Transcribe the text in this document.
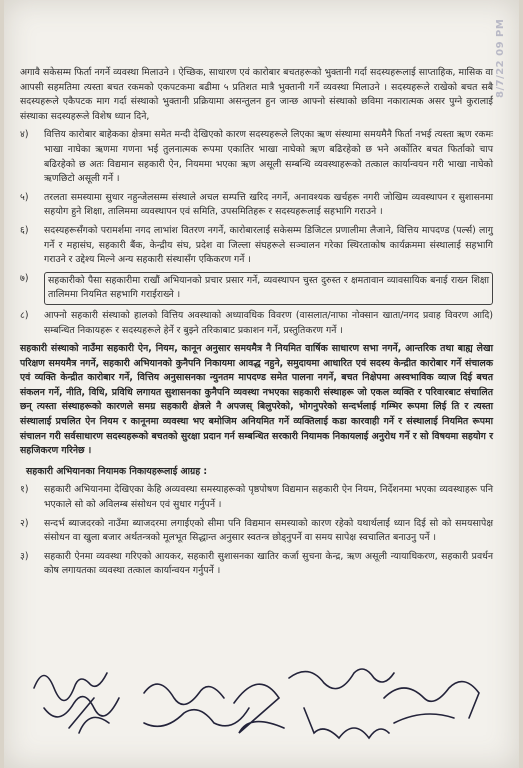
8/7/22 09 PM

अगावै सकेसम्म फिर्ता नगर्ने व्यवस्था मिलाउने । ऐच्छिक, साधारण एवं कारोबार बचतहरूको भुक्तानी गर्दा सदस्यहरूलाई साप्ताहिक, मासिक वा आपसी सहमतिमा त्यस्ता बचत रकमको एकपटकमा बढीमा ५ प्रतिशत मात्रै भुक्तानी गर्ने व्यवस्था मिलाउने । सदस्यहरूले राखेको बचत सबै सदस्यहरूले एकैपटक माग गर्दा संस्थाको भुक्तानी प्रक्रियामा असन्तुलन हुन जान्छ आफ्नो संस्थाको छविमा नकारात्मक असर पुग्ने कुरालाई संस्थाका सदस्यहरूले विशेष ध्यान दिने,

४)	वित्तिय कारोबार बाहेकका क्षेत्रमा समेत मन्दी देखिएको कारण सदस्यहरूले लिएका ऋण संस्थामा समयमैनै फिर्ता नभई त्यस्ता ऋण रकमः भाखा नाघेका ऋणमा गणना भई तुलनात्मक रूपमा एकातिर भाखा नाघेको ऋण बढिरहेको छ भने अर्कोतिर बचत फिर्ताको चाप बढिरहेको छ अतः विद्यमान सहकारी ऐन, नियममा भएका ऋण असूली सम्बन्धि व्यवस्थाहरूको तत्काल कार्यान्वयन गरी भाखा नाघेको ऋणछिटो असूली गर्ने ।
५)	तरलता समस्यामा सुधार नहुन्जेलसम्म संस्थाले अचल सम्पत्ति खरिद नगर्ने, अनावश्यक खर्चहरू नगरी जोखिम व्यवस्थापन र सुशासनमा सहयोग हुने शिक्षा, तालिममा व्यवस्थापन एवं समिति, उपसमितिहरू र सदस्यहरूलाई सहभागि गराउने ।
६)	सदस्यहरूसँगको परामर्शमा नगद लाभांश वितरण नगर्ने, कारोबारलाई सकेसम्म डिजिटल प्रणालीमा लैजाने, वित्तिय मापदण्ड (पर्ल्स) लागु गर्ने र महासंघ, सहकारी बैंक, केन्द्रीय संघ, प्रदेश वा जिल्ला संघहरूले सञ्चालन गरेका स्थिरताकोष कार्यक्रममा संस्थालाई सहभागि गराउने र उद्देश्य मिल्ने अन्य सहकारी संस्थासँग एकिकरण गर्ने ।
७)	सहकारीको पैसा सहकारीमा राखौं अभियानको प्रचार प्रसार गर्ने, व्यवस्थापन चुस्त दुरुस्त र क्षमतावान व्यावसायिक बनाई राख्न शिक्षा तालिममा नियमित सहभागि गराईराख्ने ।
८)	आफ्नो सहकारी संस्थाको हालको वित्तिय अवस्थाको अध्यावधिक विवरण (वासलात/नाफा नोक्सान खाता/नगद प्रवाह विवरण आदि) सम्बन्धित निकायहरू र सदस्यहरूले हेर्ने र बुझ्ने तरिकाबाट प्रकाशन गर्ने, प्रस्तुतिकरण गर्ने ।

सहकारी संस्थाको नाउँमा सहकारी ऐन, नियम, कानून अनुसार समयमैत्र नै नियमित वार्षिक साधारण सभा नगर्ने, आन्तरिक तथा बाह्य लेखा परिक्षण समयमैत्र नगर्ने, सहकारी अभियानको कुनैपनि निकायमा आवद्ध नहुने, समुदायमा आधारित एवं सदस्य केन्द्रीत कारोबार गर्ने संचालक एवं व्यक्ति केन्द्रीत कारोबार गर्ने, वित्तिय अनुसासनका न्युनतम मापदण्ड समेत पालना नगर्ने, बचत निक्षेपमा अस्वभाविक व्याज दिई बचत संकलन गर्ने, नीति, विधि, प्रविधि लगायत सुशासनका कुनैपनि व्यवस्था नभएका सहकारी संस्थाहरू जो एकल व्यक्ति र परिवारबाट संचालित छन् त्यस्ता संस्थाहरूको कारणले समग्र सहकारी क्षेत्रले नै अपजस् बिलुपरेको, भोगनुपरेको सन्दर्भलाई गम्भिर रूपमा लिई ति र त्यस्ता संस्थालाई प्रचलित ऐन नियम र कानूनमा व्यवस्था भए बमोजिम अनियमित गर्ने व्यक्तिलाई कडा कारवाही गर्ने र संस्थालाई नियमित रूपमा संचालन गरी सर्वसाधारण सदस्यहरूको बचतको सुरक्षा प्रदान गर्न सम्बन्धित सरकारी नियामक निकायलाई अनुरोध गर्ने र सो विषयमा सहयोग र सहजिकरण गरिनेछ ।

सहकारी अभियानका नियामक निकायहरूलाई आग्रह :
१)	सहकारी अभियानमा देखिएका केहि अव्यवस्था समस्याहरूको पृष्ठपोषण विद्यमान सहकारी ऐन नियम, निर्देशनमा भएका व्यवस्थाहरू पनि भएकाले सो को अविलम्ब संसोधन एवं सुधार गर्नुपर्ने ।
२)	सन्दर्भ ब्याजदरको नाउँमा ब्याजदरमा लगाईएको सीमा पनि विद्यमान समस्याको कारण रहेको यथार्थलाई ध्यान दिई सो को समयसापेक्ष संसोधन वा खुला बजार अर्थतन्त्रको मूलभूत सिद्धान्त अनुसार स्वतन्त्र छोड्नुपर्ने वा समय सापेक्ष स्वचालित बनाउनु पर्ने ।
३)	सहकारी ऐनमा व्यवस्था गरिएको आयकर, सहकारी सुशासनका खातिर कर्जा सुचना केन्द्र, ऋण असूली न्यायाधिकरण, सहकारी प्रवर्धन कोष लगायतका व्यवस्था तत्काल कार्यान्वयन गर्नुपर्ने ।
